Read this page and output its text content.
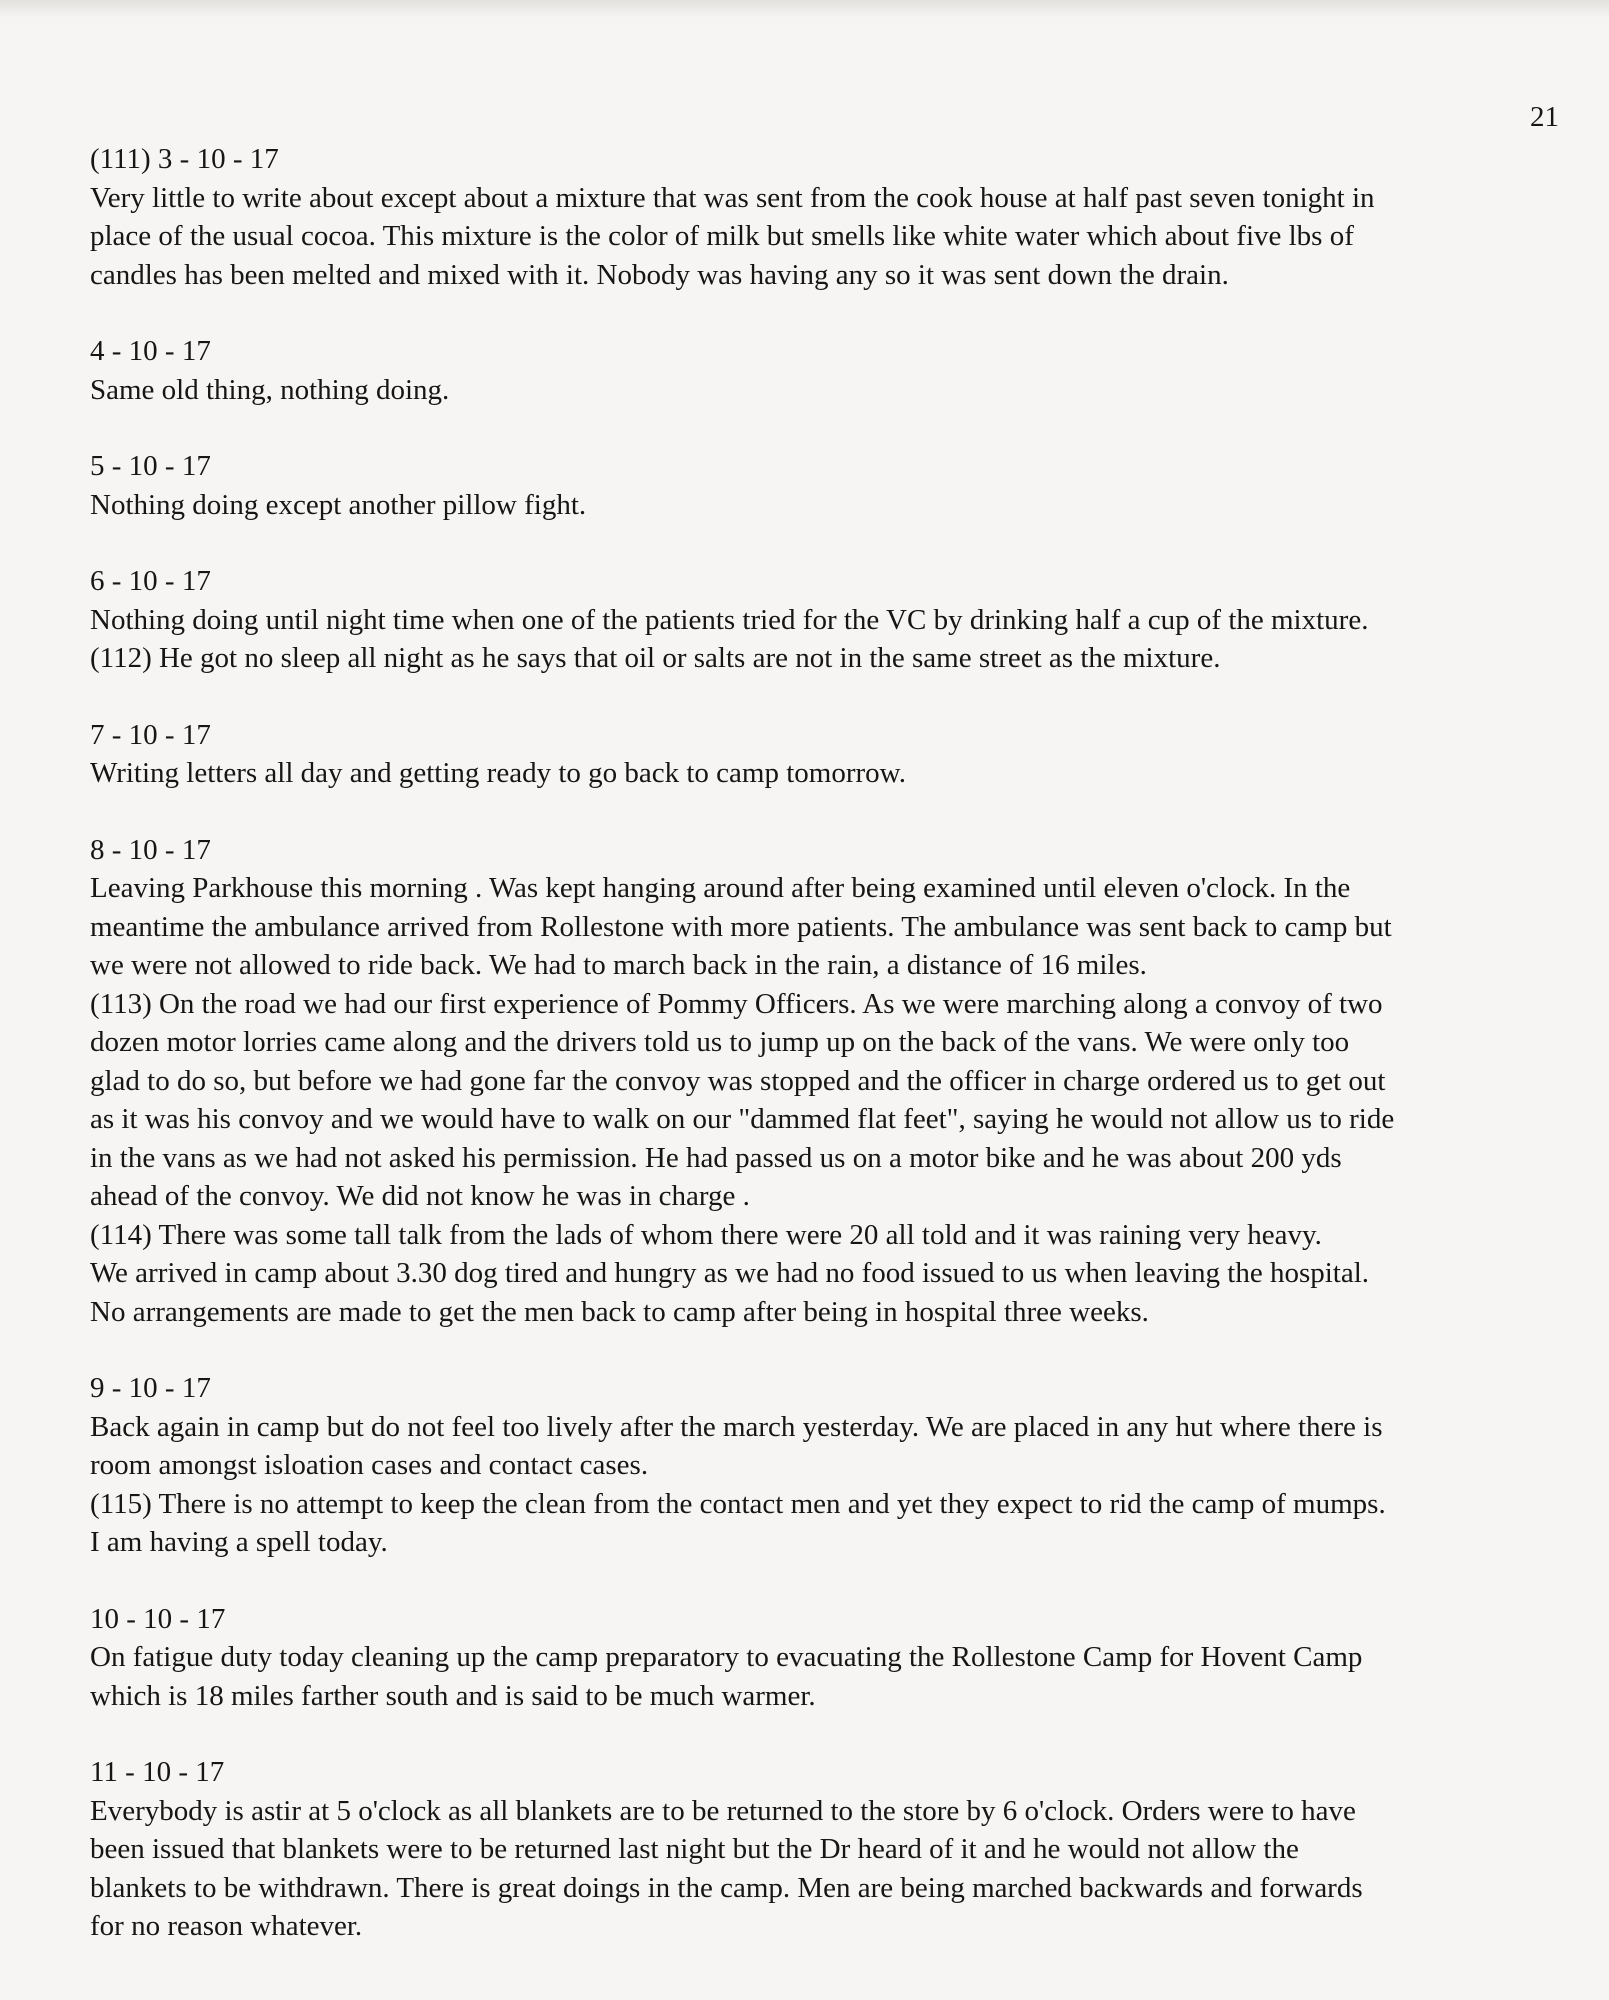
21

(111) 3 - 10 - 17

Very little to write about except about a mixture that was sent from the cook house at half past seven tonight in

place of the usual cocoa. This mixture is the color of milk but smells like white water which about five lbs of

candles has been melted and mixed with it. Nobody was having any so it was sent down the drain.

4 - 10 - 17

Same old thing, nothing doing.

5 - 10 - 17

Nothing doing except another pillow fight.

6 - 10 - 17

Nothing doing until night time when one of the patients tried for the VC by drinking half a cup of the mixture.

(112) He got no sleep all night as he says that oil or salts are not in the same street as the mixture.

7 - 10 - 17

Writing letters all day and getting ready to go back to camp tomorrow.

8 - 10 - 17

Leaving Parkhouse this morning . Was kept hanging around after being examined until eleven o'clock. In the

meantime the ambulance arrived from Rollestone with more patients. The ambulance was sent back to camp but

we were not allowed to ride back. We had to march back in the rain, a distance of 16 miles.

(113) On the road we had our first experience of Pommy Officers. As we were marching along a convoy of two

dozen motor lorries came along and the drivers told us to jump up on the back of the vans. We were only too

glad to do so, but before we had gone far the convoy was stopped and the officer in charge ordered us to get out

as it was his convoy and we would have to walk on our "dammed flat feet", saying he would not allow us to ride

in the vans as we had not asked his permission. He had passed us on a motor bike and he was about 200 yds

ahead of the convoy. We did not know he was in charge .

(114) There was some tall talk from the lads of whom there were 20 all told and it was raining very heavy.

We arrived in camp about 3.30 dog tired and hungry as we had no food issued to us when leaving the hospital.

No arrangements are made to get the men back to camp after being in hospital three weeks.

9 - 10 - 17

Back again in camp but do not feel too lively after the march yesterday. We are placed in any hut where there is

room amongst isloation cases and contact cases.

(115) There is no attempt to keep the clean from the contact men and yet they expect to rid the camp of mumps.

I am having a spell today.

10 - 10 - 17

On fatigue duty today cleaning up the camp preparatory to evacuating the Rollestone Camp for Hovent Camp

which is 18 miles farther south and is said to be much warmer.

11 - 10 - 17

Everybody is astir at 5 o'clock as all blankets are to be returned to the store by 6 o'clock. Orders were to have

been issued that blankets were to be returned last night but the Dr heard of it and he would not allow the

blankets to be withdrawn. There is great doings in the camp. Men are being marched backwards and forwards

for no reason whatever.
